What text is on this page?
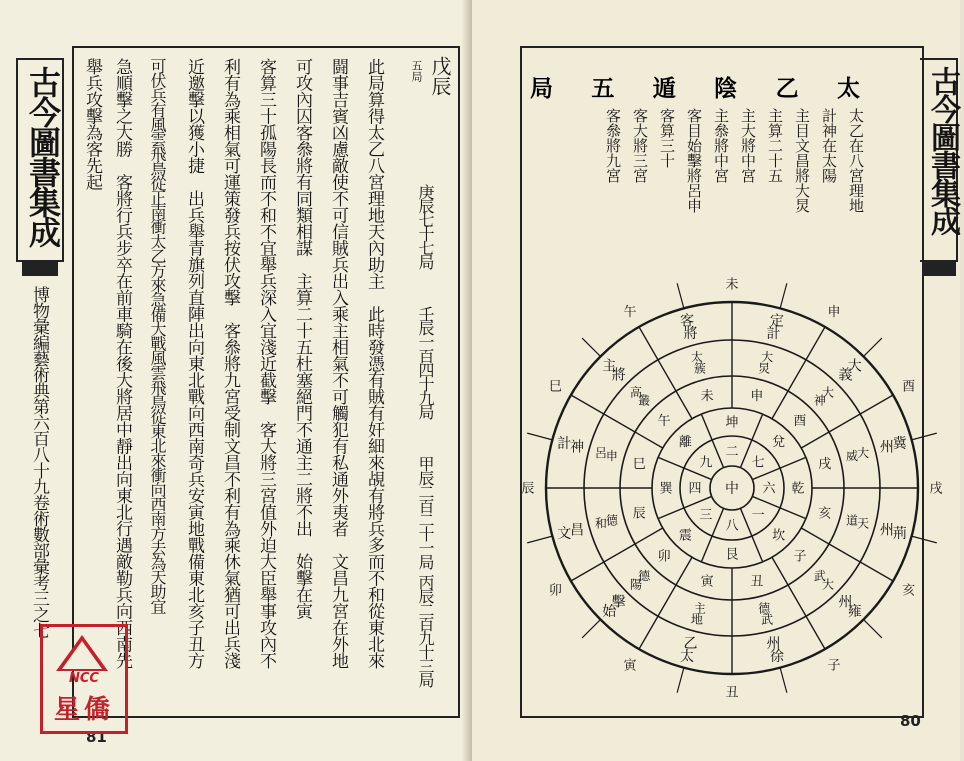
古今圖書集成
博物彙編藝術典第六百八十九卷術數部彙考三之七
戊辰
五局
庚辰七十七局
壬辰一百四十九局
甲辰二百二十一局
丙辰二百九十三局
此局算得太乙八宮理地天內助主　此時發憑有賊有奸細來覘有將兵多而不和從東北來
闘事吉賓凶慮敵使不可信賊兵出入乘主相氣不可觸犯有私通外夷者　文昌九宮在外地
可攻內囚客叅將有同類相謀　主算二十五杜塞絕門不通主二將不出　始擊在寅
客算三十孤陽長而不和不宜舉兵深入宜淺近截擊　客大將三宮值外迫大臣舉事攻內不
利有為乘相氣可運策發兵按伏攻擊　客叅將九宮受制文昌不利有為乘休氣猶可出兵淺
近邀擊以獲小捷　出兵舉青旗列直陣出向東北戰向西南奇兵安寅地戰備東北亥子丑方
可伏兵有風雲飛鳥從正南衝太乙方來急備大戰風雲飛鳥從東北來衝向西南方去為天助宜
急順擊之大勝　客將行兵步卒在前車騎在後大將居中靜出向東北行遇敵勒兵向西南先
舉兵攻擊為客先起
81
NCC
星僑
太
乙
陰
遁
五
局
太乙在八宮理地
計神在太陽
主目文昌將大炅
主算二十五
主大將中宮
主叅將中宮
客目始擊將呂申
客算三十
客大將三宮
客叅將九宮	古今圖書集成
中
八
三
四
九
二
七
六
一
艮
震
巽
離
坤
兌
乾
坎
寅
卯
辰
巳
午
未	申
酉
戌
亥
子
丑
地
主
陽
德
和
德
呂
申
高
叢
太
簇
大
炅
大
神
大
威
天
道
大
武
武
德
太
乙
始
擊
文
昌
計
神
主
將
客
將
定
計
大
義
冀
州
荊
州
雍
州
徐
州
丑
寅
卯
辰
巳
午
未
申
酉
戌
亥
子
80
